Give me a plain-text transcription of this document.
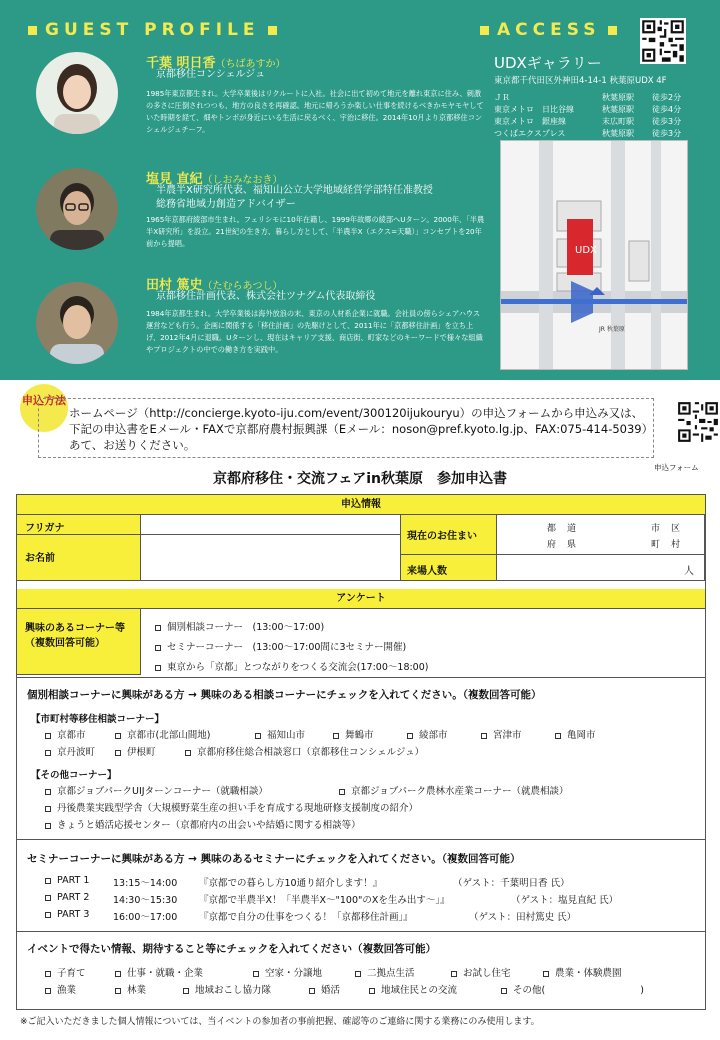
GUEST PROFILE	ACCESS
千葉 明日香（ちばあすか）
京都移住コンシェルジュ
1985年東京都生まれ。大学卒業後はリクルートに入社。社会に出て初めて地元を離れ東京に住み、刺激の多さに圧倒されつつも、地方の良さを再確認。地元に帰ろうか楽しい仕事を続けるべきかモヤモヤしていた時期を経て、畑やトンボが身近にいる生活に戻るべく、宇治に移住。2014年10月より京都移住コンシェルジュチーフ。
塩見 直紀（しおみなおき）
半農半X研究所代表、福知山公立大学地域経営学部特任准教授
総務省地域力創造アドバイザー
1965年京都府綾部市生まれ。フェリシモに10年在籍し、1999年故郷の綾部へUターン。2000年、「半農半X研究所」を設立。21世紀の生き方、暮らし方として、「半農半X（エクス=天職）」コンセプトを20年前から提唱。
田村 篤史（たむらあつし）
京都移住計画代表、株式会社ツナグム代表取締役
1984年京都生まれ。大学卒業後は海外放浪の末、東京の人材系企業に就職。会社員の傍らシェアハウス運営なども行う。企画に関係する「移住計画」の先駆けとして、2011年に「京都移住計画」を立ち上げ、2012年4月に退職。Uターンし、現在はキャリア支援、商店街、町家などのキーワードで様々な組織やプロジェクトの中での働き方を実践中。
UDXギャラリー
東京都千代田区外神田4-14-1 秋葉原UDX 4F
ＪＲ	秋葉原駅 徒歩2分
東京メトロ　日比谷線	秋葉原駅 徒歩4分
東京メトロ　銀座線	末広町駅 徒歩3分
つくばエクスプレス	秋葉原駅 徒歩3分
UDX
JR 秋葉原
申込方法
ホームページ（http://concierge.kyoto-iju.com/event/300120ijukouryu）の申込フォームから申込み又は、下記の申込書をEメール・FAXで京都府農村振興課（Eメール：noson@pref.kyoto.lg.jp、FAX:075-414-5039）あて、お送りください。
申込フォーム
京都府移住・交流フェアin秋葉原　参加申込書
申込情報
フリガナ
お名前
現在のお住まい
都 道
府 県
市 区
町 村
来場人数	人
アンケート
興味のあるコーナー等（複数回答可能）
個別相談コーナー　(13:00～17:00)
セミナーコーナー　(13:00～17:00間に3セミナー開催)
東京から「京都」とつながりをつくる交流会(17:00～18:00)
個別相談コーナーに興味がある方 → 興味のある相談コーナーにチェックを入れてください。（複数回答可能）
【市町村等移住相談コーナー】
京都市	京都市(北部山間地)	福知山市	舞鶴市	綾部市	宮津市	亀岡市
京丹波町	伊根町	京都府移住総合相談窓口（京都移住コンシェルジュ）
【その他コーナー】
京都ジョブパークUIJターンコーナー（就職相談）	京都ジョブパーク農林水産業コーナー（就農相談）
丹後農業実践型学舎（大規模野菜生産の担い手を育成する現地研修支援制度の紹介）
きょうと婚活応援センター（京都府内の出会いや結婚に関する相談等）
セミナーコーナーに興味がある方 → 興味のあるセミナーにチェックを入れてください。（複数回答可能）
PART 1 13:15～14:00 『京都での暮らし方10通り紹介します！』	（ゲスト：千葉明日香 氏）
PART 2 14:30～15:30 『京都で半農半X！「半農半X～"100"のXを生み出す～」』	（ゲスト：塩見直紀 氏）
PART 3 16:00～17:00 『京都で自分の仕事をつくる！「京都移住計画」』	（ゲスト：田村篤史 氏）
イベントで得たい情報、期待すること等にチェックを入れてください（複数回答可能）
子育て	仕事・就職・企業	空家・分譲地	二拠点生活	お試し住宅	農業・体験農園
漁業	林業	地域おこし協力隊	婚活	地域住民との交流	その他(　　　　　　　　　　)
※ご記入いただきました個人情報については、当イベントの参加者の事前把握、確認等のご連絡に関する業務にのみ使用します。
